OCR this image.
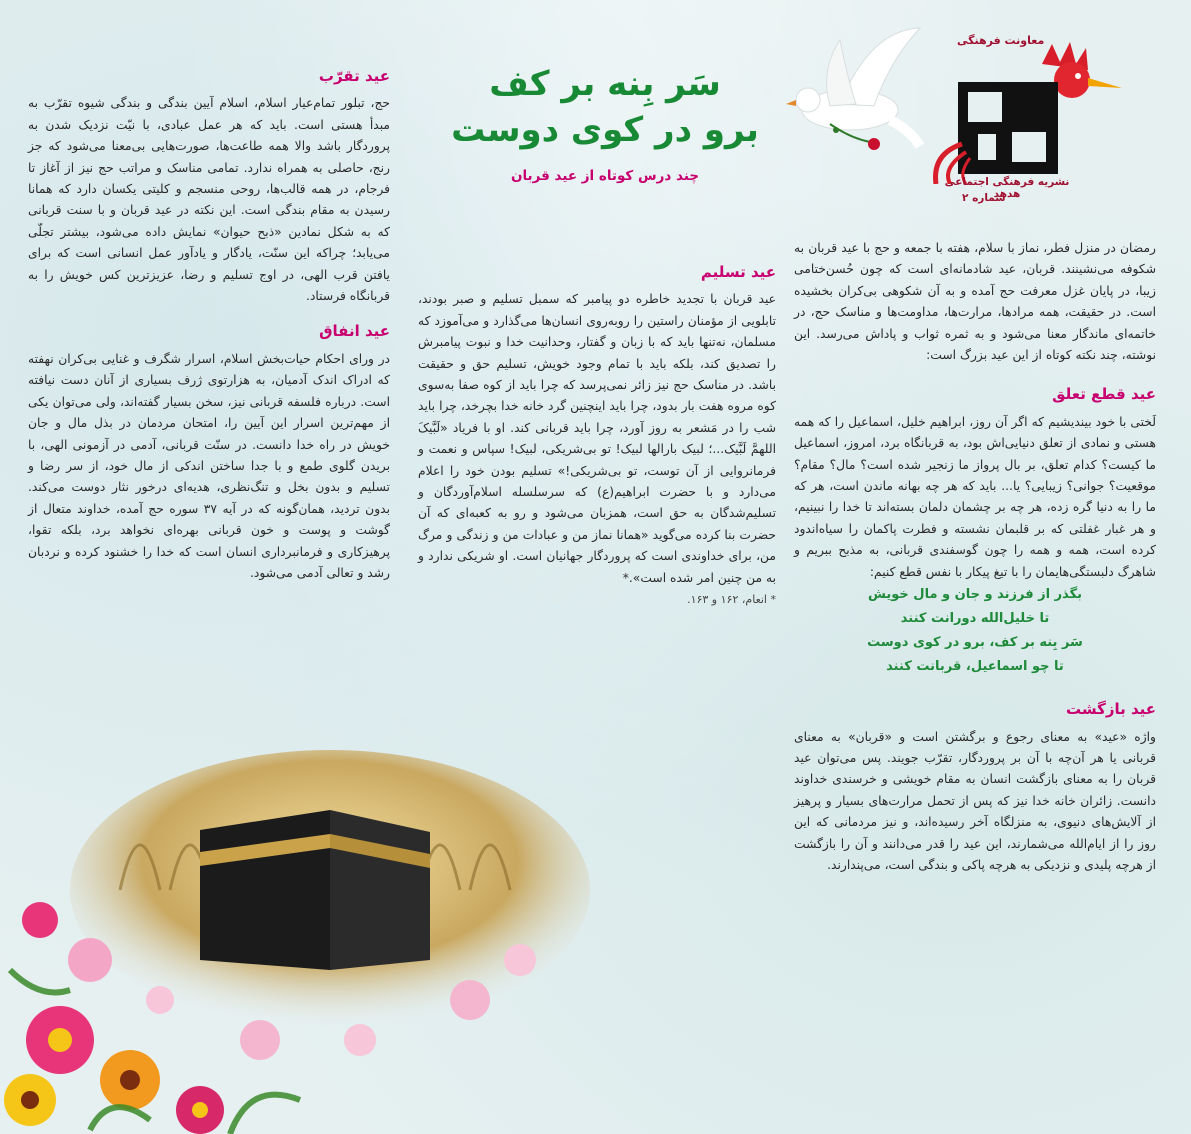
معاونت فرهنگی
نشریه فرهنگی اجتماعی هدهد
شماره ۲
سَر بِنه بر کف
برو در کوی دوست

چند درس کوتاه از عید قربان

رمضان در منزل فطر، نماز با سلام، هفته با جمعه و حج با عید قربان به شکوفه می‌نشینند. قربان، عید شادمانه‌ای است که چون حُسن‌ختامی زیبا، در پایان غزل معرفت حج آمده و به آن شکوهی بی‌کران بخشیده است. در حقیقت، همه مرادها، مرارت‌ها، مداومت‌ها و مناسک حج، در خاتمه‌ای ماندگار معنا می‌شود و به ثمره ثواب و پاداش می‌رسد. این نوشته، چند نکته کوتاه از این عید بزرگ است:

عید قطع تعلق

لَختی با خود بیندیشیم که اگر آن روز، ابراهیم خلیل، اسماعیل را که همه هستی و نمادی از تعلق دنیایی‌اش بود، به قربانگاه برد، امروز، اسماعیل ما کیست؟ کدام تعلق، بر بال پرواز ما زنجیر شده است؟ مال؟ مقام؟ موقعیت؟ جوانی؟ زیبایی؟ یا... باید که هر چه بهانه ماندن است، هر که ما را به دنیا گره زده، هر چه بر چشمان دلمان بسته‌اند تا خدا را نبینیم، و هر غبار غفلتی که بر قلبمان نشسته و فطرت پاکمان را سیاه‌اندود کرده است، همه و همه را چون گوسفندی قربانی، به مذبح ببریم و شاهرگ دلبستگی‌هایمان را با تیغ پیکار با نفس قطع کنیم:

بگذر از فرزند و جان و مال خویش
تا خلیل‌الله دورانت کنند
سَر بِنه بر کف، برو در کوی دوست
تا چو اسماعیل، قربانت کنند
عید بازگشت

واژه «عید» به معنای رجوع و برگشتن است و «قربان» به معنای قربانی یا هر آن‌چه با آن بر پروردگار، تقرّب جویند. پس می‌توان عید قربان را به معنای بازگشت انسان به مقام خویشی و خرسندی خداوند دانست. زائران خانه خدا نیز که پس از تحمل مرارت‌های بسیار و پرهیز از آلایش‌های دنیوی، به منزلگاه آخر رسیده‌اند، و نیز مردمانی که این روز را از ایام‌الله می‌شمارند، این عید را قدر می‌دانند و آن را بازگشت از هرچه پلیدی و نزدیکی به هرچه پاکی و بندگی است، می‌پندارند.

عید تسلیم

عید قربان با تجدید خاطره دو پیامبر که سمبل تسلیم و صبر بودند، تابلویی از مؤمنان راستین را روبه‌روی انسان‌ها می‌گذارد و می‌آموزد که مسلمان، نه‌تنها باید که با زبان و گفتار، وحدانیت خدا و نبوت پیامبرش را تصدیق کند، بلکه باید با تمام وجود خویش، تسلیم حق و حقیقت باشد. در مناسک حج نیز زائر نمی‌پرسد که چرا باید از کوه صفا به‌سوی کوه مروه هفت بار بدود، چرا باید اینچنین گرد خانه خدا بچرخد، چرا باید شب را در مَشعر به روز آورد، چرا باید قربانی کند. او با فریاد «لَبَّیکَ اللهمَّ لَبَّیک...؛ لبیک بارالها لبیک! تو بی‌شریکی، لبیک! سپاس و نعمت و فرمانروایی از آن توست، تو بی‌شریکی!» تسلیم بودن خود را اعلام می‌دارد و با حضرت ابراهیم(ع) که سرسلسله اسلام‌آوردگان و تسلیم‌شدگان به حق است، همزبان می‌شود و رو به کعبه‌ای که آن حضرت بنا کرده می‌گوید «همانا نماز من و عبادات من و زندگی و مرگ من، برای خداوندی است که پروردگار جهانیان است. او شریکی ندارد و به من چنین امر شده است».*

* انعام، ۱۶۲ و ۱۶۳.

عید تقرّب

حج، تبلور تمام‌عیار اسلام، اسلام آیین بندگی و بندگی شیوه تقرّب به مبدأ هستی است. باید که هر عمل عبادی، با نیّت نزدیک شدن به پروردگار باشد والا همه طاعت‌ها، صورت‌هایی بی‌معنا می‌شود که جز رنج، حاصلی به همراه ندارد. تمامی مناسک و مراتب حج نیز از آغاز تا فرجام، در همه قالب‌ها، روحی منسجم و کلیتی یکسان دارد که همانا رسیدن به مقام بندگی است. این نکته در عید قربان و با سنت قربانی که به شکل نمادین «ذبح حیوان» نمایش داده می‌شود، بیشتر تجلّی می‌یابد؛ چراکه این سنّت، یادگار و یادآور عمل انسانی است که برای یافتن قرب الهی، در اوج تسلیم و رضا، عزیزترین کس خویش را به قربانگاه فرستاد.

عید انفاق

در ورای احکام حیات‌بخش اسلام، اسرار شگرف و غنایی بی‌کران نهفته که ادراک اندک آدمیان، به هزارتوی ژرف بسیاری از آنان دست نیافته است. درباره فلسفه قربانی نیز، سخن بسیار گفته‌اند، ولی می‌توان یکی از مهم‌ترین اسرار این آیین را، امتحان مردمان در بذل مال و جان خویش در راه خدا دانست. در سنّت قربانی، آدمی در آزمونی الهی، با بریدن گلوی طمع و با جدا ساختن اندکی از مال خود، از سر رضا و تسلیم و بدون بخل و تنگ‌نظری، هدیه‌ای درخور نثار دوست می‌کند. بدون تردید، همان‌گونه که در آیه ۳۷ سوره حج آمده، خداوند متعال از گوشت و پوست و خون قربانی بهره‌ای نخواهد برد، بلکه تقوا، پرهیزکاری و فرمانبرداری انسان است که خدا را خشنود کرده و نردبان رشد و تعالی آدمی می‌شود.
